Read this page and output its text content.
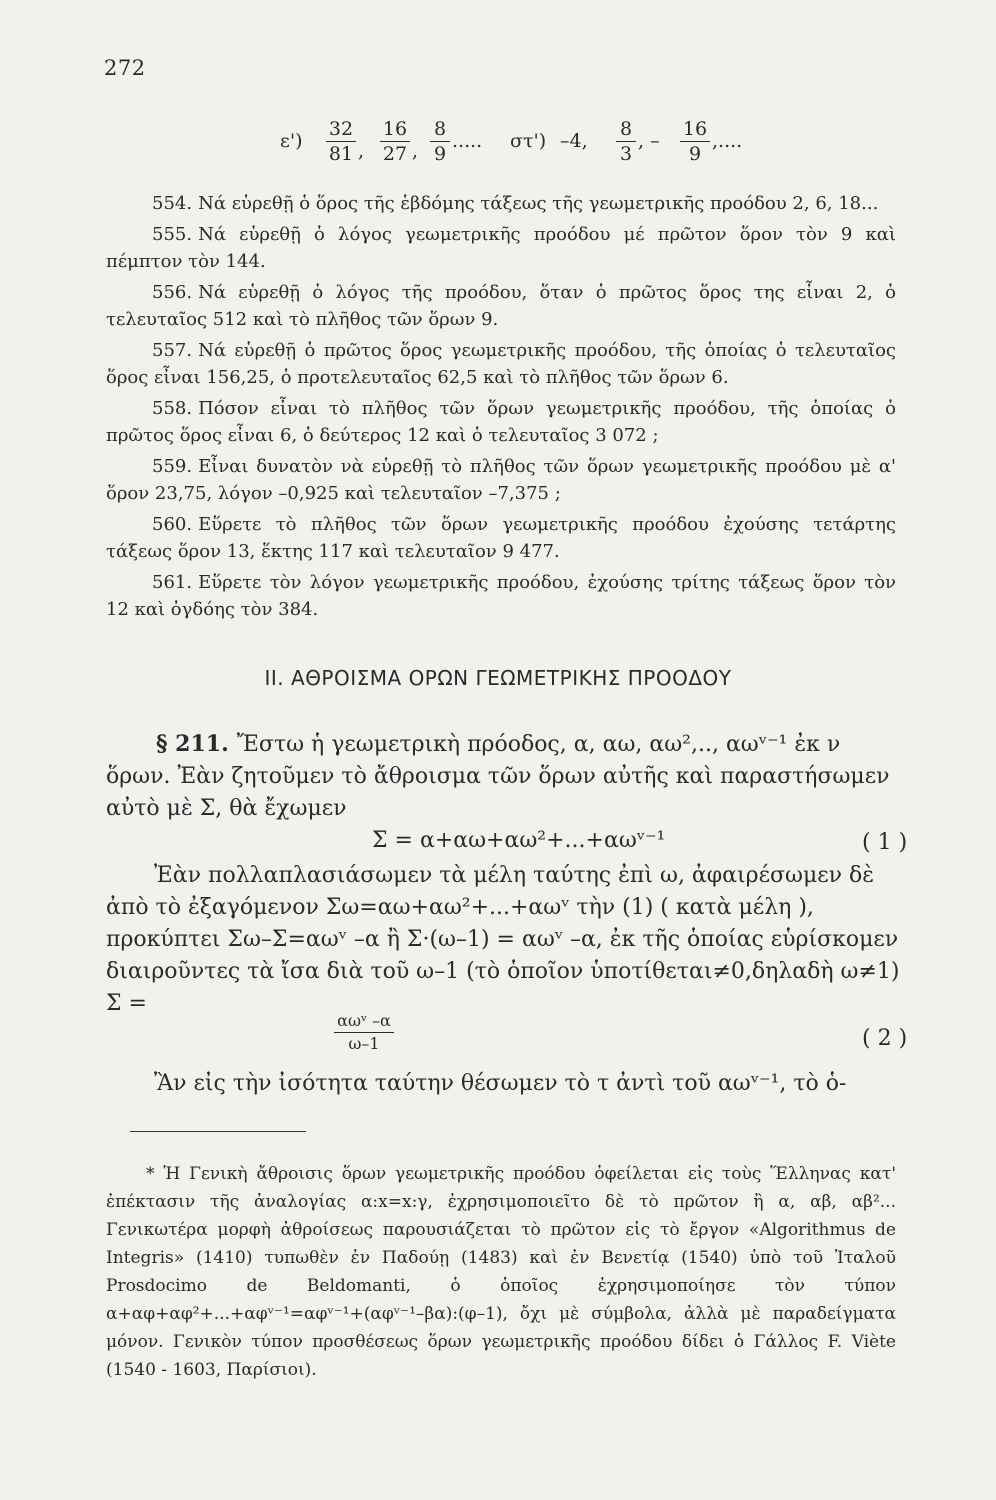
272
ε')
32
81 ,
16
27 ,
8
9
..... στ') –4,
8
3
, –
16
9
,....

554. Νά εὑρεθῇ ὁ ὅρος τῆς ἑβδόμης τάξεως τῆς γεωμετρικῆς προόδου 2, 6, 18...

555. Νά εὑρεθῇ ὁ λόγος γεωμετρικῆς προόδου μέ πρῶτον ὅρον τὸν 9 καὶ πέμπτον τὸν 144.

556. Νά εὑρεθῇ ὁ λόγος τῆς προόδου, ὅταν ὁ πρῶτος ὅρος της εἶναι 2, ὁ τελευταῖος 512 καὶ τὸ πλῆθος τῶν ὅρων 9.

557. Νά εὑρεθῇ ὁ πρῶτος ὅρος γεωμετρικῆς προόδου, τῆς ὁποίας ὁ τελευταῖος ὅρος εἶναι 156,25, ὁ προτελευταῖος 62,5 καὶ τὸ πλῆθος τῶν ὅρων 6.

558. Πόσον εἶναι τὸ πλῆθος τῶν ὅρων γεωμετρικῆς προόδου, τῆς ὁποίας ὁ πρῶτος ὅρος εἶναι 6, ὁ δεύτερος 12 καὶ ὁ τελευταῖος 3 072 ;

559. Εἶναι δυνατὸν νὰ εὑρεθῇ τὸ πλῆθος τῶν ὅρων γεωμετρικῆς προόδου μὲ α' ὅρον 23,75, λόγον –0,925 καὶ τελευταῖον –7,375 ;

560. Εὕρετε τὸ πλῆθος τῶν ὅρων γεωμετρικῆς προόδου ἐχούσης τετάρτης τάξεως ὅρον 13, ἕκτης 117 καὶ τελευταῖον 9 477.

561. Εὕρετε τὸν λόγον γεωμετρικῆς προόδου, ἐχούσης τρίτης τάξεως ὅρον τὸν 12 καὶ ὀγδόης τὸν 384.

ΙΙ. ΑΘΡΟΙΣΜΑ ΟΡΩΝ ΓΕΩΜΕΤΡΙΚΗΣ ΠΡΟΟΔΟΥ

§ 211. Ἔστω ἡ γεωμετρικὴ πρόοδος, α, αω, αω²,.., αωᵛ⁻¹ ἐκ ν ὅρων. Ἐὰν ζητοῦμεν τὸ ἄθροισμα τῶν ὅρων αὐτῆς καὶ παραστήσωμεν αὐτὸ μὲ Σ, θὰ ἔχωμεν

Σ = α+αω+αω²+...+αωᵛ⁻¹	( 1 )

Ἐὰν πολλαπλασιάσωμεν τὰ μέλη ταύτης ἐπὶ ω, ἀφαιρέσωμεν δὲ ἀπὸ τὸ ἐξαγόμενον Σω=αω+αω²+...+αωᵛ τὴν (1) ( κατὰ μέλη ), προκύπτει Σω–Σ=αωᵛ –α ἢ Σ·(ω–1) = αωᵛ –α, ἐκ τῆς ὁποίας εὑρίσκομεν διαιροῦντες τὰ ἴσα διὰ τοῦ ω–1 (τὸ ὁποῖον ὑποτίθεται≠0,δηλαδὴ ω≠1) Σ =

αωᵛ –α
ω–1	( 2 )

Ἂν εἰς τὴν ἰσότητα ταύτην θέσωμεν τὸ τ ἀντὶ τοῦ αωᵛ⁻¹, τὸ ὁ-

* Ἡ Γενικὴ ἄθροισις ὅρων γεωμετρικῆς προόδου ὀφείλεται εἰς τοὺς Ἕλληνας κατ' ἐπέκτασιν τῆς ἀναλογίας α:x=x:γ, ἐχρησιμοποιεῖτο δὲ τὸ πρῶτον ἢ α, αβ, αβ²... Γενικωτέρα μορφὴ ἀθροίσεως παρουσιάζεται τὸ πρῶτον εἰς τὸ ἔργον «Algorithmus de Integris» (1410) τυπωθὲν ἐν Παδούῃ (1483) καὶ ἐν Βενετίᾳ (1540) ὑπὸ τοῦ Ἰταλοῦ Prosdocimo de Beldomanti, ὁ ὁποῖος ἐχρησιμοποίησε τὸν τύπον α+αφ+αφ²+...+αφᵛ⁻¹=αφᵛ⁻¹+(αφᵛ⁻¹–βα):(φ–1), ὄχι μὲ σύμβολα, ἀλλὰ μὲ παραδείγματα μόνον. Γενικὸν τύπον προσθέσεως ὅρων γεωμετρικῆς προόδου δίδει ὁ Γάλλος F. Viète (1540 - 1603, Παρίσιοι).
